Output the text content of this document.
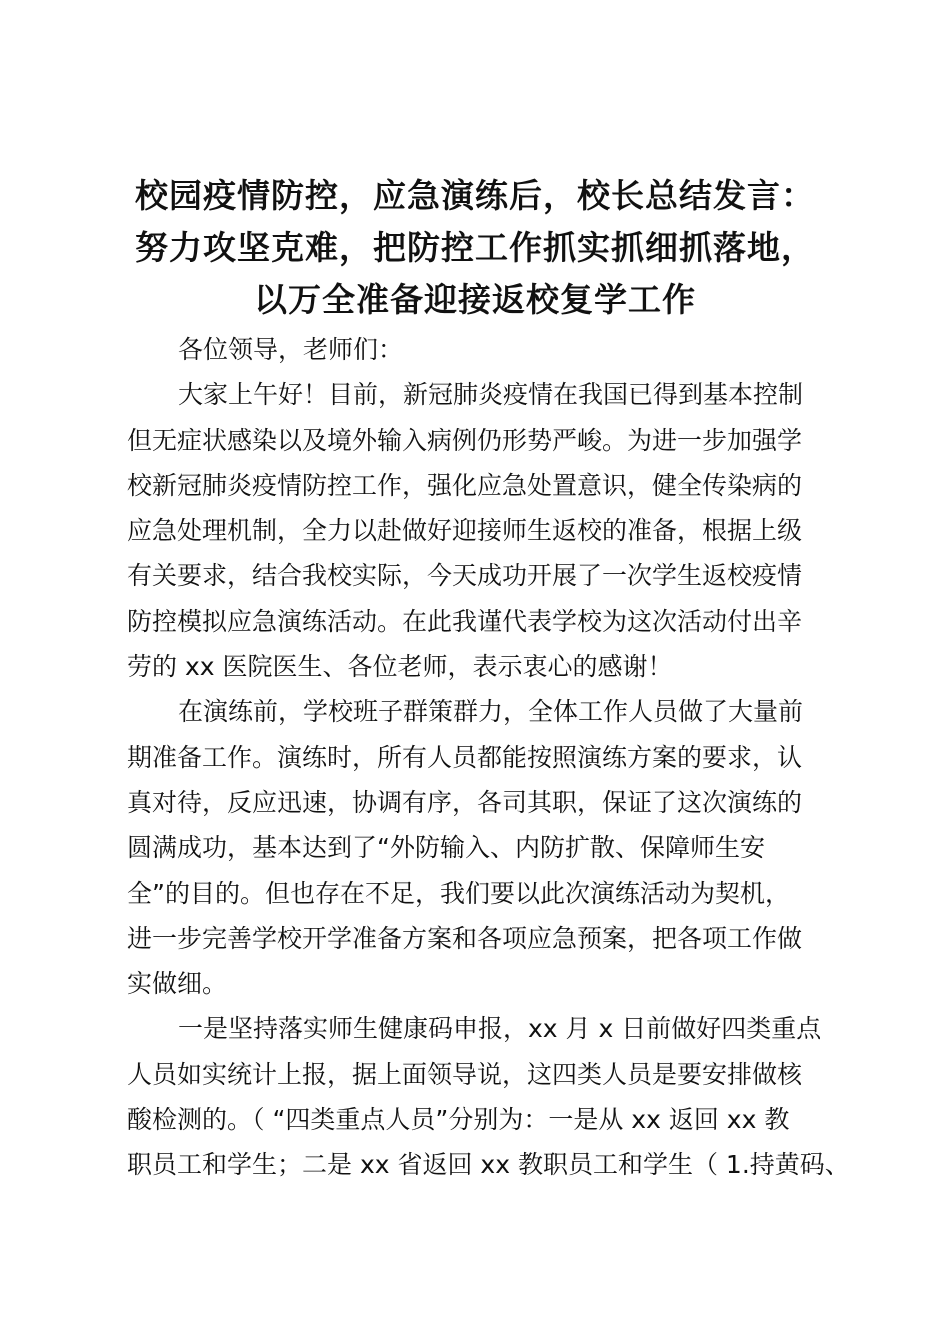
校园疫情防控，应急演练后，校长总结发言：
努力攻坚克难，把防控工作抓实抓细抓落地，
以万全准备迎接返校复学工作
各位领导，老师们：
大家上午好！目前，新冠肺炎疫情在我国已得到基本控制
但无症状感染以及境外输入病例仍形势严峻。为进一步加强学
校新冠肺炎疫情防控工作，强化应急处置意识，健全传染病的
应急处理机制，全力以赴做好迎接师生返校的准备，根据上级
有关要求，结合我校实际，今天成功开展了一次学生返校疫情
防控模拟应急演练活动。在此我谨代表学校为这次活动付出辛
劳的 xx 医院医生、各位老师，表示衷心的感谢！
在演练前，学校班子群策群力，全体工作人员做了大量前
期准备工作。演练时，所有人员都能按照演练方案的要求，认
真对待，反应迅速，协调有序，各司其职，保证了这次演练的
圆满成功，基本达到了“外防输入、内防扩散、保障师生安
全”的目的。但也存在不足，我们要以此次演练活动为契机，
进一步完善学校开学准备方案和各项应急预案，把各项工作做
实做细。
一是坚持落实师生健康码申报，xx 月 x 日前做好四类重点
人员如实统计上报，据上面领导说，这四类人员是要安排做核
酸检测的。（ “四类重点人员”分别为：一是从 xx 返回 xx 教
职员工和学生；二是 xx 省返回 xx 教职员工和学生（ 1.持黄码、
